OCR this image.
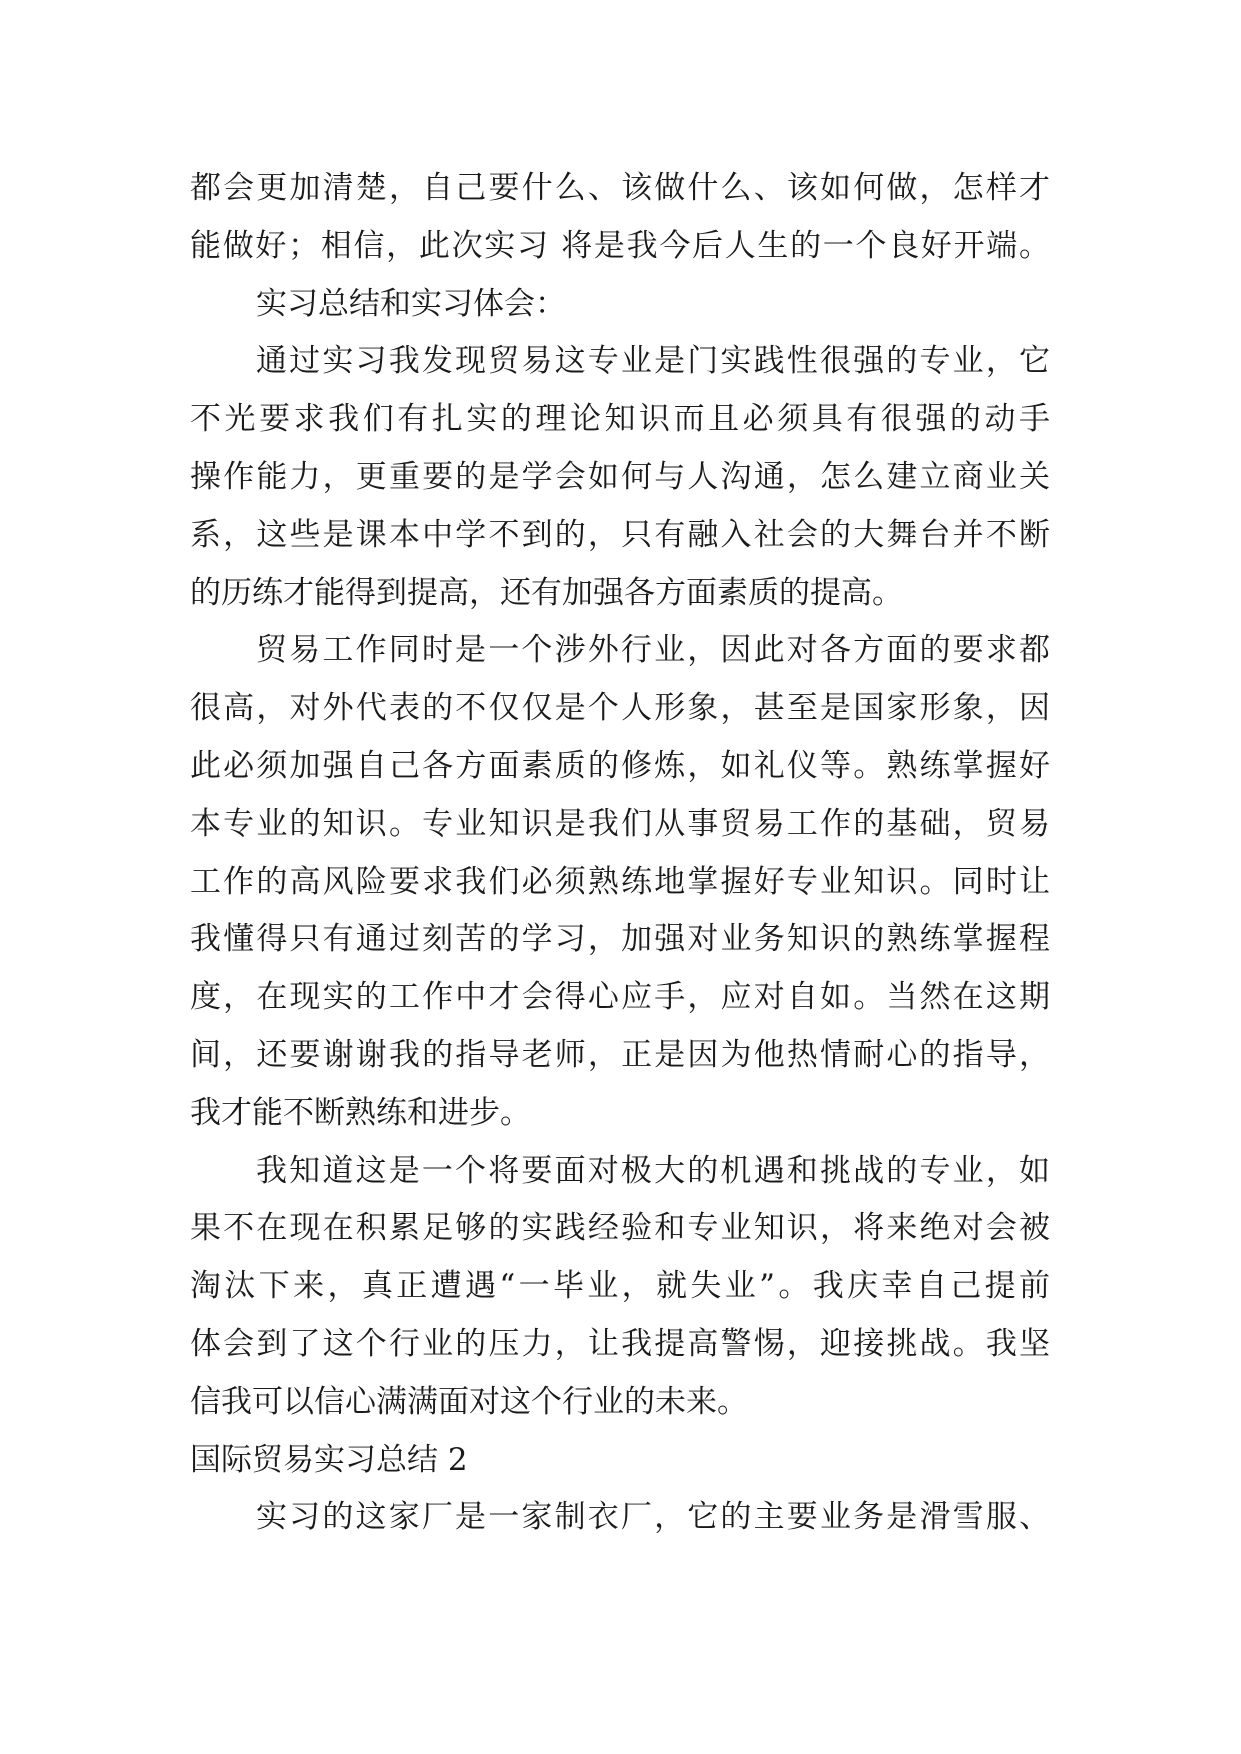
都会更加清楚，自己要什么、该做什么、该如何做，怎样才
能做好；相信，此次实习 将是我今后人生的一个良好开端。
实习总结和实习体会：
通过实习我发现贸易这专业是门实践性很强的专业，它
不光要求我们有扎实的理论知识而且必须具有很强的动手
操作能力，更重要的是学会如何与人沟通，怎么建立商业关
系，这些是课本中学不到的，只有融入社会的大舞台并不断
的历练才能得到提高，还有加强各方面素质的提高。
贸易工作同时是一个涉外行业，因此对各方面的要求都
很高，对外代表的不仅仅是个人形象，甚至是国家形象，因
此必须加强自己各方面素质的修炼，如礼仪等。熟练掌握好
本专业的知识。专业知识是我们从事贸易工作的基础，贸易
工作的高风险要求我们必须熟练地掌握好专业知识。同时让
我懂得只有通过刻苦的学习，加强对业务知识的熟练掌握程
度，在现实的工作中才会得心应手，应对自如。当然在这期
间，还要谢谢我的指导老师，正是因为他热情耐心的指导，
我才能不断熟练和进步。
我知道这是一个将要面对极大的机遇和挑战的专业，如
果不在现在积累足够的实践经验和专业知识，将来绝对会被
淘汰下来，真正遭遇“一毕业，就失业”。我庆幸自己提前
体会到了这个行业的压力，让我提高警惕，迎接挑战。我坚
信我可以信心满满面对这个行业的未来。
国际贸易实习总结 2
实习的这家厂是一家制衣厂，它的主要业务是滑雪服、
